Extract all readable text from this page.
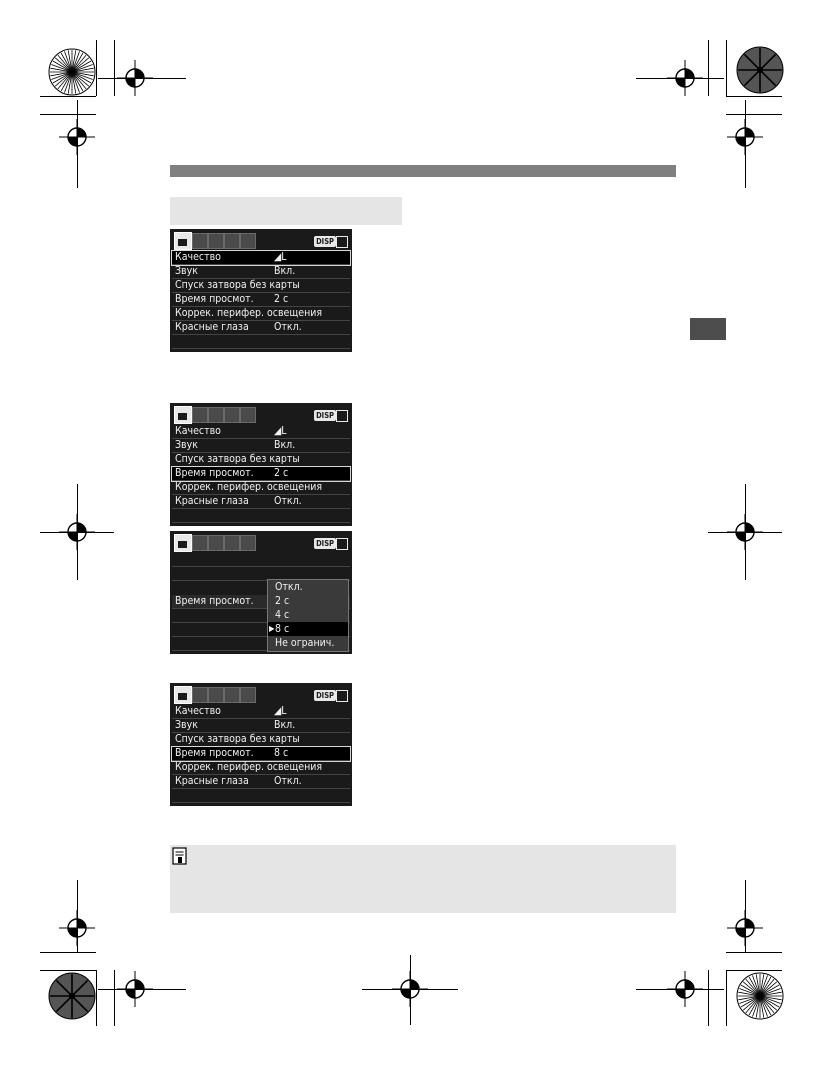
DISP
Качество	◢L
Звук	Вкл.
Спуск затвора без карты
Время просмот. 2 с
Коррек. перифер. освещения
Красные глаза Откл.
DISP
Качество	◢L
Звук	Вкл.
Спуск затвора без карты
Время просмот. 2 с
Коррек. перифер. освещения
Красные глаза Откл.
DISP
Время просмот.
Откл.
2 с
4 с
▶ 8 с
Не огранич.
DISP
Качество	◢L
Звук	Вкл.
Спуск затвора без карты
Время просмот. 8 с
Коррек. перифер. освещения
Красные глаза Откл.
